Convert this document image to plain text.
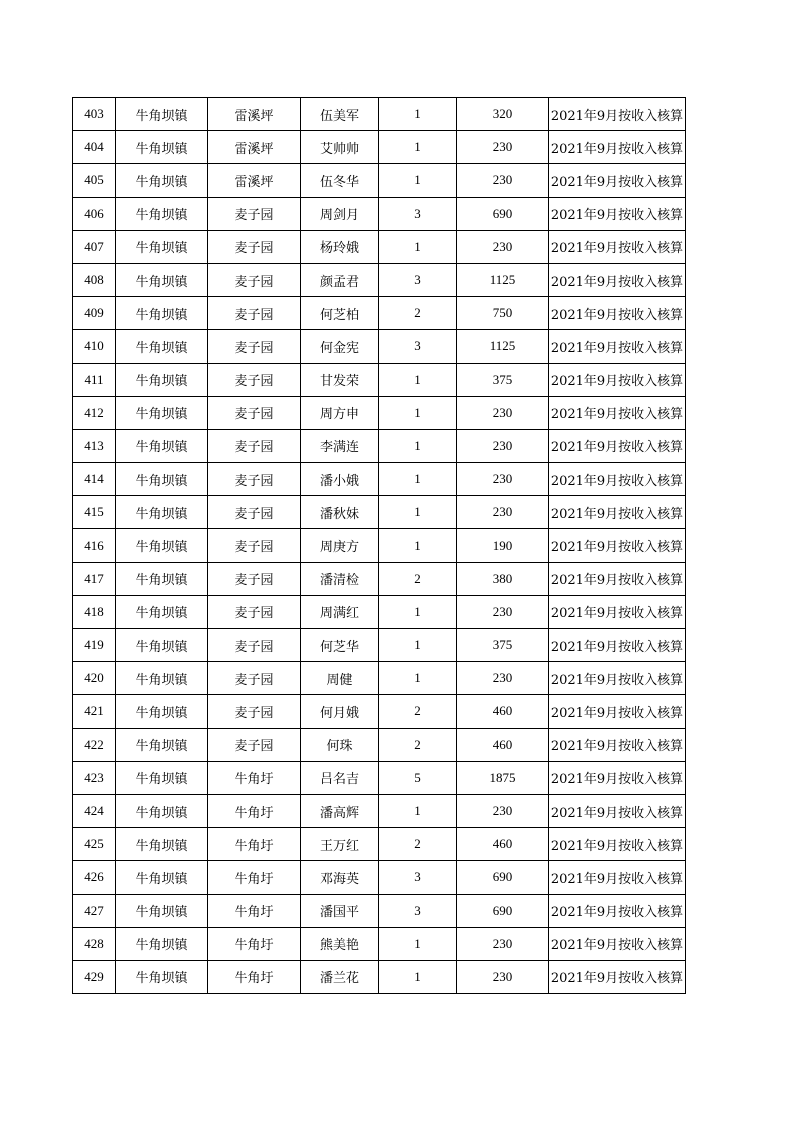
403	牛角坝镇	雷溪坪	伍美军	1	320	2021年9月按收入核算
404	牛角坝镇	雷溪坪	艾帅帅	1	230	2021年9月按收入核算
405	牛角坝镇	雷溪坪	伍冬华	1	230	2021年9月按收入核算
406	牛角坝镇	麦子园	周剑月	3	690	2021年9月按收入核算
407	牛角坝镇	麦子园	杨玲娥	1	230	2021年9月按收入核算
408	牛角坝镇	麦子园	颜孟君	3	1125	2021年9月按收入核算
409	牛角坝镇	麦子园	何芝柏	2	750	2021年9月按收入核算
410	牛角坝镇	麦子园	何金宪	3	1125	2021年9月按收入核算
411	牛角坝镇	麦子园	甘发荣	1	375	2021年9月按收入核算
412	牛角坝镇	麦子园	周方申	1	230	2021年9月按收入核算
413	牛角坝镇	麦子园	李满连	1	230	2021年9月按收入核算
414	牛角坝镇	麦子园	潘小娥	1	230	2021年9月按收入核算
415	牛角坝镇	麦子园	潘秋妹	1	230	2021年9月按收入核算
416	牛角坝镇	麦子园	周庚方	1	190	2021年9月按收入核算
417	牛角坝镇	麦子园	潘清检	2	380	2021年9月按收入核算
418	牛角坝镇	麦子园	周满红	1	230	2021年9月按收入核算
419	牛角坝镇	麦子园	何芝华	1	375	2021年9月按收入核算
420	牛角坝镇	麦子园	周健	1	230	2021年9月按收入核算
421	牛角坝镇	麦子园	何月娥	2	460	2021年9月按收入核算
422	牛角坝镇	麦子园	何珠	2	460	2021年9月按收入核算
423	牛角坝镇	牛角圩	吕名吉	5	1875	2021年9月按收入核算
424	牛角坝镇	牛角圩	潘高辉	1	230	2021年9月按收入核算
425	牛角坝镇	牛角圩	王万红	2	460	2021年9月按收入核算
426	牛角坝镇	牛角圩	邓海英	3	690	2021年9月按收入核算
427	牛角坝镇	牛角圩	潘国平	3	690	2021年9月按收入核算
428	牛角坝镇	牛角圩	熊美艳	1	230	2021年9月按收入核算
429	牛角坝镇	牛角圩	潘兰花	1	230	2021年9月按收入核算
